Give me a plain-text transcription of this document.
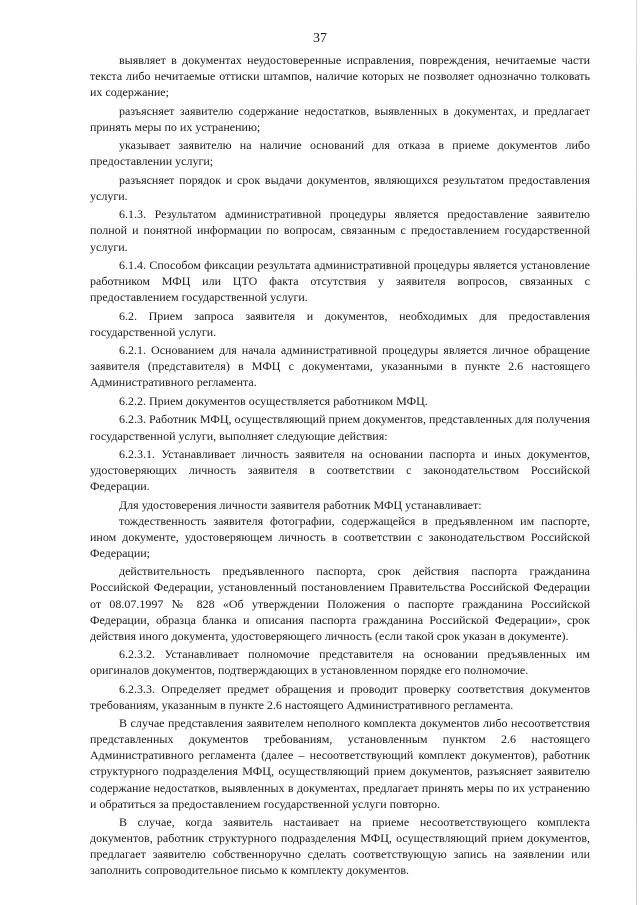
37

выявляет в документах неудостоверенные исправления, повреждения, нечитаемые части текста либо нечитаемые оттиски штампов, наличие которых не позволяет однозначно толковать их содержание;

разъясняет заявителю содержание недостатков, выявленных в документах, и предлагает принять меры по их устранению;

указывает заявителю на наличие оснований для отказа в приеме документов либо предоставлении услуги;

разъясняет порядок и срок выдачи документов, являющихся результатом предоставления услуги.

6.1.3. Результатом административной процедуры является предоставление заявителю полной и понятной информации по вопросам, связанным с предоставлением государственной услуги.

6.1.4. Способом фиксации результата административной процедуры является установление работником МФЦ или ЦТО факта отсутствия у заявителя вопросов, связанных с предоставлением государственной услуги.

6.2. Прием запроса заявителя и документов, необходимых для предоставления государственной услуги.

6.2.1. Основанием для начала административной процедуры является личное обращение заявителя (представителя) в МФЦ с документами, указанными в пункте 2.6 настоящего Административного регламента.

6.2.2. Прием документов осуществляется работником МФЦ.

6.2.3. Работник МФЦ, осуществляющий прием документов, представленных для получения государственной услуги, выполняет следующие действия:

6.2.3.1. Устанавливает личность заявителя на основании паспорта и иных документов, удостоверяющих личность заявителя в соответствии с законодательством Российской Федерации.

Для удостоверения личности заявителя работник МФЦ устанавливает:

тождественность заявителя фотографии, содержащейся в предъявленном им паспорте, ином документе, удостоверяющем личность в соответствии с законодательством Российской Федерации;

действительность предъявленного паспорта, срок действия паспорта гражданина Российской Федерации, установленный постановлением Правительства Российской Федерации от 08.07.1997 № 828 «Об утверждении Положения о паспорте гражданина Российской Федерации, образца бланка и описания паспорта гражданина Российской Федерации», срок действия иного документа, удостоверяющего личность (если такой срок указан в документе).

6.2.3.2. Устанавливает полномочие представителя на основании предъявленных им оригиналов документов, подтверждающих в установленном порядке его полномочие.

6.2.3.3. Определяет предмет обращения и проводит проверку соответствия документов требованиям, указанным в пункте 2.6 настоящего Административного регламента.

В случае представления заявителем неполного комплекта документов либо несоответствия представленных документов требованиям, установленным пунктом 2.6 настоящего Административного регламента (далее – несоответствующий комплект документов), работник структурного подразделения МФЦ, осуществляющий прием документов, разъясняет заявителю содержание недостатков, выявленных в документах, предлагает принять меры по их устранению и обратиться за предоставлением государственной услуги повторно.

В случае, когда заявитель настаивает на приеме несоответствующего комплекта документов, работник структурного подразделения МФЦ, осуществляющий прием документов, предлагает заявителю собственноручно сделать соответствующую запись на заявлении или заполнить сопроводительное письмо к комплекту документов.
